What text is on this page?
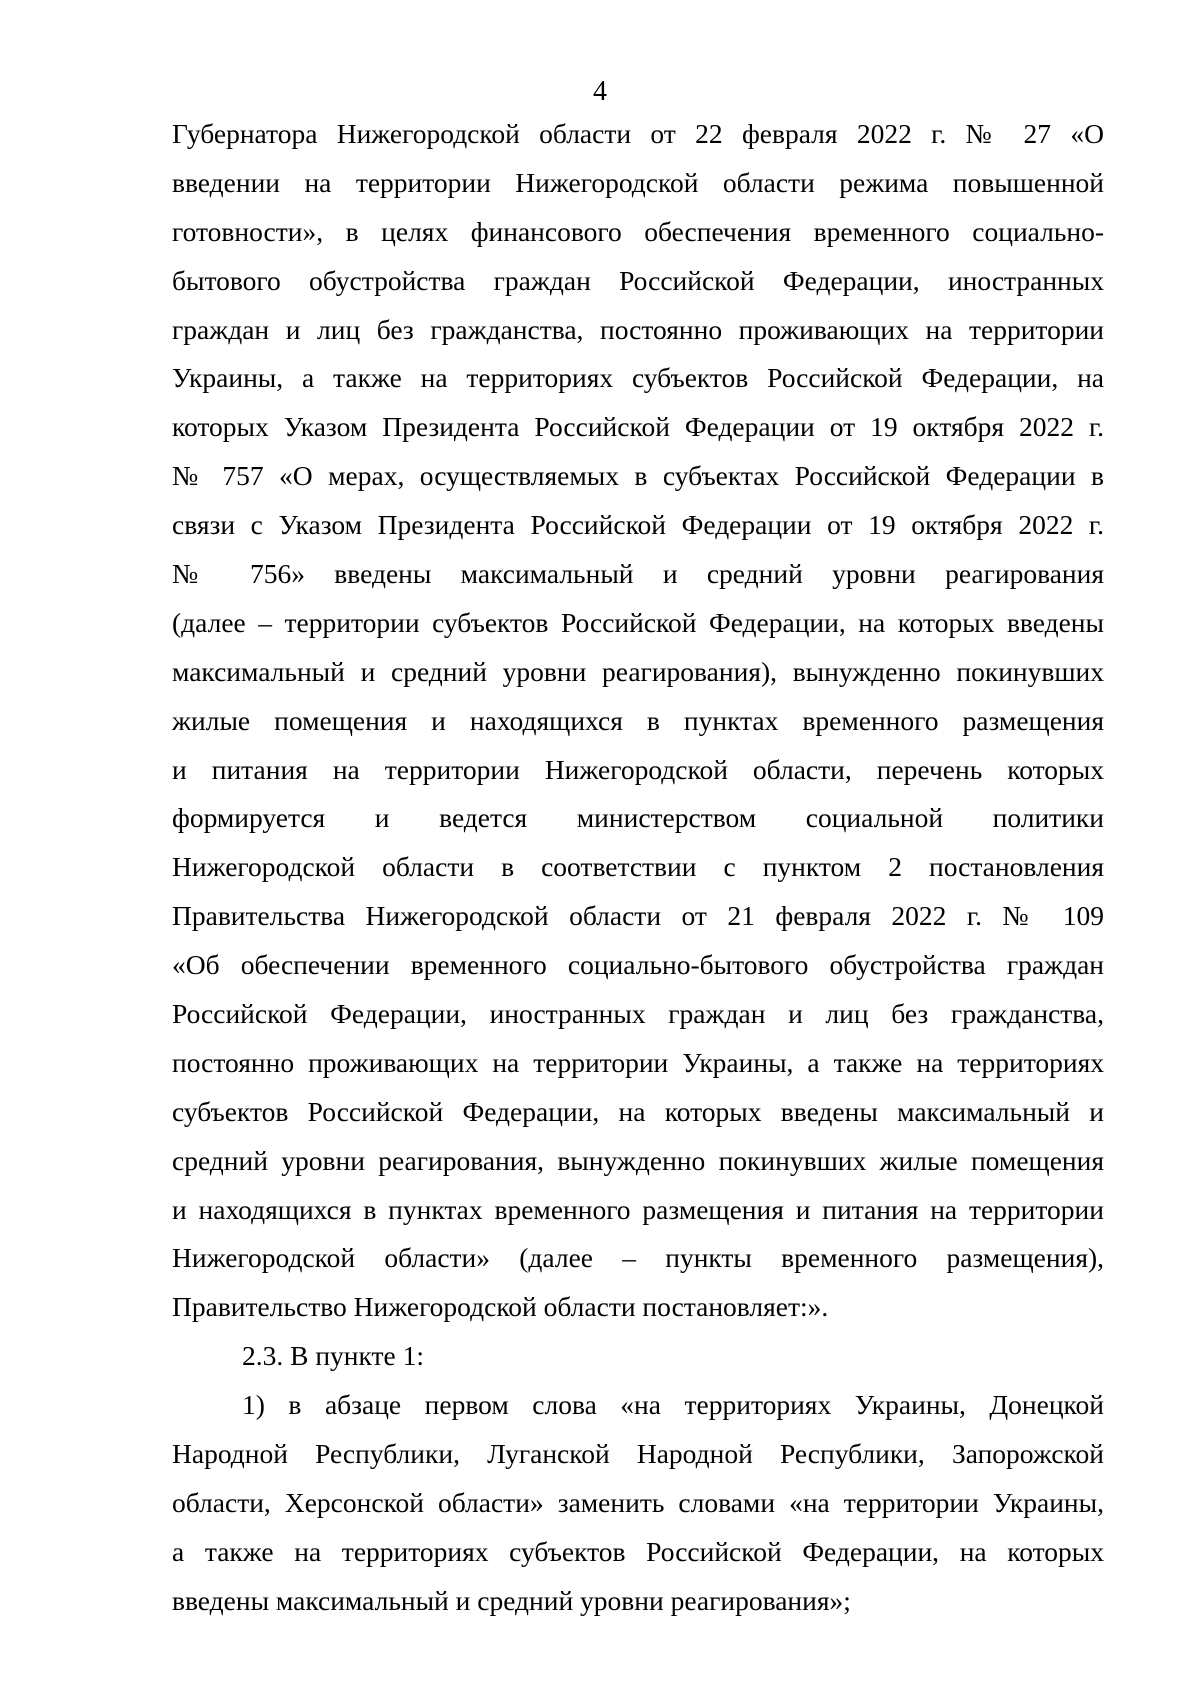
4
Губернатора Нижегородской области от 22 февраля 2022 г. № 27 «О
введении на территории Нижегородской области режима повышенной
готовности», в целях финансового обеспечения временного социально-
бытового обустройства граждан Российской Федерации, иностранных
граждан и лиц без гражданства, постоянно проживающих на территории
Украины, а также на территориях субъектов Российской Федерации, на
которых Указом Президента Российской Федерации от 19 октября 2022 г.
№ 757 «О мерах, осуществляемых в субъектах Российской Федерации в
связи с Указом Президента Российской Федерации от 19 октября 2022 г.
№ 756» введены максимальный и средний уровни реагирования
(далее – территории субъектов Российской Федерации, на которых введены
максимальный и средний уровни реагирования), вынужденно покинувших
жилые помещения и находящихся в пунктах временного размещения
и питания на территории Нижегородской области, перечень которых
формируется и ведется министерством социальной политики
Нижегородской области в соответствии с пунктом 2 постановления
Правительства Нижегородской области от 21 февраля 2022 г. № 109
«Об обеспечении временного социально-бытового обустройства граждан
Российской Федерации, иностранных граждан и лиц без гражданства,
постоянно проживающих на территории Украины, а также на территориях
субъектов Российской Федерации, на которых введены максимальный и
средний уровни реагирования, вынужденно покинувших жилые помещения
и находящихся в пунктах временного размещения и питания на территории
Нижегородской области» (далее – пункты временного размещения),
Правительство Нижегородской области постановляет:».
2.3. В пункте 1:
1) в абзаце первом слова «на территориях Украины, Донецкой
Народной Республики, Луганской Народной Республики, Запорожской
области, Херсонской области» заменить словами «на территории Украины,
а также на территориях субъектов Российской Федерации, на которых
введены максимальный и средний уровни реагирования»;
